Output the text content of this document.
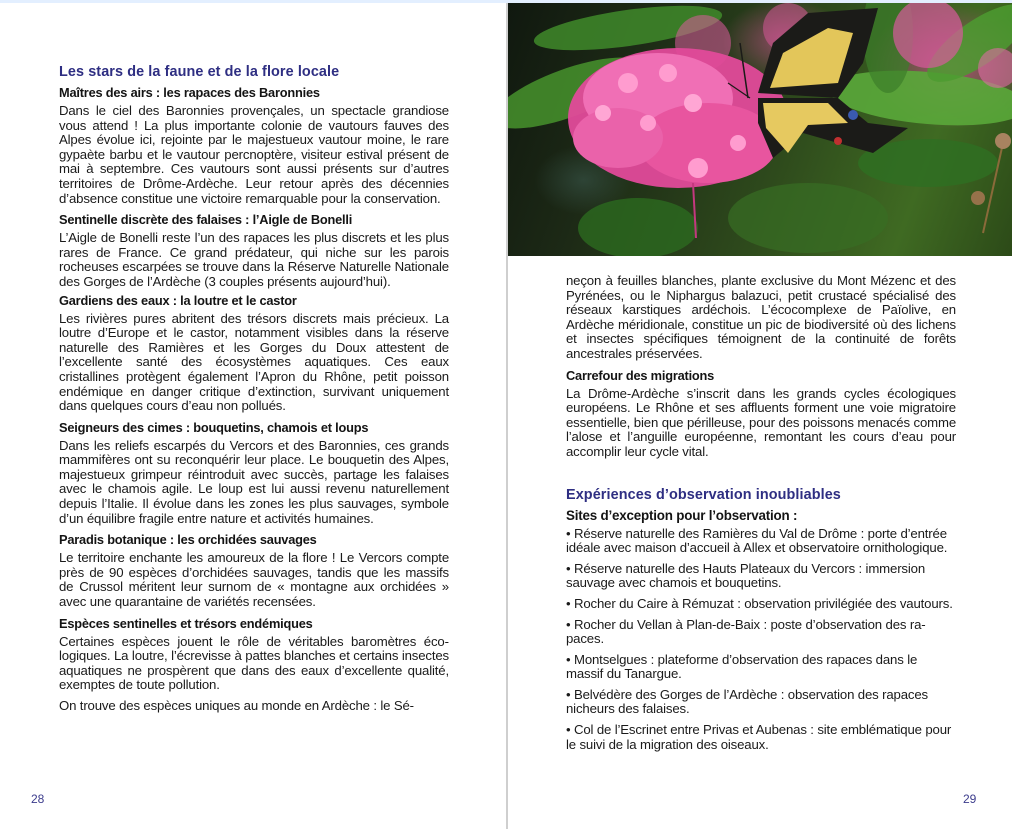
Les stars de la faune et de la flore locale
Maîtres des airs : les rapaces des Baronnies

Dans le ciel des Baronnies provençales, un spectacle grandiose vous attend ! La plus importante colonie de vautours fauves des Alpes évolue ici, rejointe par le majestueux vautour moine, le rare gypaète barbu et le vautour percnoptère, visiteur estival présent de mai à septembre. Ces vautours sont aussi présents sur d’autres territoires de Drôme-Ardèche. Leur retour après des décennies d’absence constitue une victoire remarquable pour la conservation.

Sentinelle discrète des falaises : l’Aigle de Bonelli

L’Aigle de Bonelli reste l’un des rapaces les plus discrets et les plus rares de France. Ce grand prédateur, qui niche sur les parois rocheuses escarpées se trouve dans la Réserve Naturelle Nationale des Gorges de l’Ardèche (3 couples présents aujourd’hui).

Gardiens des eaux : la loutre et le castor

Les rivières pures abritent des trésors discrets mais précieux. La loutre d’Europe et le castor, notamment visibles dans la réserve naturelle des Ramières et les Gorges du Doux attestent de l’excellente santé des écosystèmes aquatiques. Ces eaux cristallines protègent également l’Apron du Rhône, petit poisson endémique en danger critique d’extinction, survivant uniquement dans quelques cours d’eau non pollués.

Seigneurs des cimes : bouquetins, chamois et loups

Dans les reliefs escarpés du Vercors et des Baronnies, ces grands mammifères ont su reconquérir leur place. Le bouquetin des Alpes, majestueux grimpeur réintroduit avec succès, partage les falaises avec le chamois agile. Le loup est lui aussi revenu naturellement depuis l’Italie. Il évolue dans les zones les plus sauvages, symbole d’un équilibre fragile entre nature et activités humaines.

Paradis botanique : les orchidées sauvages

Le territoire enchante les amoureux de la flore ! Le Vercors compte près de 90 espèces d’orchidées sauvages, tandis que les massifs de Crussol méritent leur surnom de « montagne aux orchidées » avec une quarantaine de variétés recensées.

Espèces sentinelles et trésors endémiques

Certaines espèces jouent le rôle de véritables baromètres écologiques. La loutre, l’écrevisse à pattes blanches et certains insectes aquatiques ne prospèrent que dans des eaux d’excellente qualité, exemptes de toute pollution.

On trouve des espèces uniques au monde en Ardèche : le Sé-

28

neçon à feuilles blanches, plante exclusive du Mont Mézenc et des Pyrénées, ou le Niphargus balazuci, petit crustacé spécialisé des réseaux karstiques ardéchois. L’écocomplexe de Païolive, en Ardèche méridionale, constitue un pic de biodiversité où des lichens et insectes spécifiques témoignent de la continuité de forêts ancestrales préservées.

Carrefour des migrations

La Drôme-Ardèche s’inscrit dans les grands cycles écologiques européens. Le Rhône et ses affluents forment une voie migratoire essentielle, bien que périlleuse, pour des poissons menacés comme l’alose et l’anguille européenne, remontant les cours d’eau pour accomplir leur cycle vital.

Expériences d’observation inoubliables
Sites d’exception pour l’observation :
• Réserve naturelle des Ramières du Val de Drôme : porte d’entrée idéale avec maison d’accueil à Allex et observatoire ornithologique.
• Réserve naturelle des Hauts Plateaux du Vercors : immersion sauvage avec chamois et bouquetins.
• Rocher du Caire à Rémuzat : observation privilégiée des vautours.
• Rocher du Vellan à Plan-de-Baix : poste d’observation des rapaces.
• Montselgues : plateforme d’observation des rapaces dans le massif du Tanargue.
• Belvédère des Gorges de l’Ardèche : observation des rapaces nicheurs des falaises.
• Col de l’Escrinet entre Privas et Aubenas : site emblématique pour le suivi de la migration des oiseaux.
29
